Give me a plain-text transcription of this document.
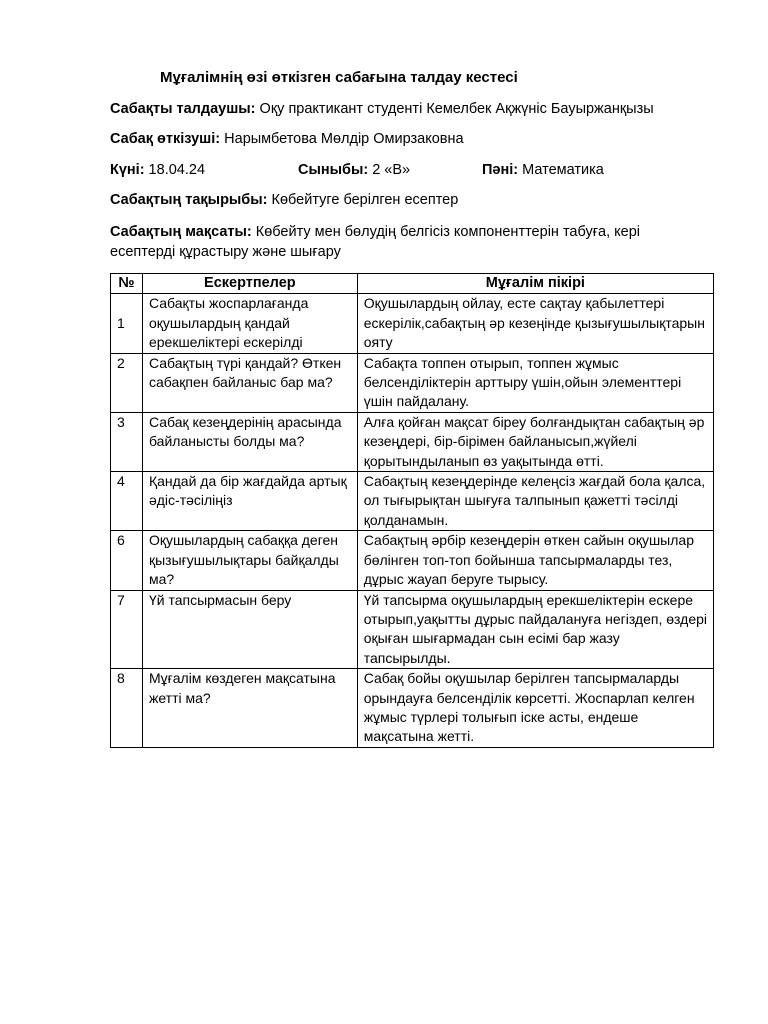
Мұғалімнің өзі өткізген сабағына талдау кестесі
Сабақты талдаушы: Оқу практикант студенті Кемелбек Ақжүніс Бауыржанқызы
Сабақ өткізуші: Нарымбетова Мөлдір Омирзаковна
Күні: 18.04.24	Сыныбы: 2 «В»	Пәні: Математика
Сабақтың тақырыбы: Көбейтуге берілген есептер
Сабақтың мақсаты: Көбейту мен бөлудің белгісіз компоненттерін табуға, кері есептерді құрастыру және шығару
№	Ескертпелер	Мұғалім пікірі
1	Сабақты жоспарлағанда оқушылардың қандай ерекшеліктері ескерілді	Оқушылардың ойлау, есте сақтау қабылеттері ескерілік,сабақтың әр кезеңінде қызығушылықтарын ояту
2	Сабақтың түрі қандай? Өткен сабақпен байланыс бар ма?	Сабақта топпен отырып, топпен жұмыс белсенділіктерін арттыру үшін,ойын элементтері үшін пайдалану.
3	Сабақ кезеңдерінің арасында байланысты болды ма?	Алға қойған мақсат біреу болғандықтан сабақтың әр кезеңдері, бір-бірімен байланысып,жүйелі қорытындыланып өз уақытында өтті.
4	Қандай да бір жағдайда артық әдіс-тәсіліңіз	Сабақтың кезеңдерінде келеңсіз жағдай бола қалса, ол тығырықтан шығуға талпынып қажетті тәсілді қолданамын.
6	Оқушылардың сабаққа деген қызығушылықтары байқалды ма?	Сабақтың әрбір кезеңдерін өткен сайын оқушылар бөлінген топ-топ бойынша тапсырмаларды тез, дұрыс жауап беруге тырысу.
7	Үй тапсырмасын беру	Үй тапсырма оқушылардың ерекшеліктерін ескере отырып,уақытты дұрыс пайдалануға негіздеп, өздері оқыған шығармадан сын есімі бар жазу тапсырылды.
8	Мұғалім көздеген мақсатына жетті ма?	Сабақ бойы оқушылар берілген тапсырмаларды орындауға белсенділік көрсетті. Жоспарлап келген жұмыс түрлері толығып іске асты, ендеше мақсатына жетті.
